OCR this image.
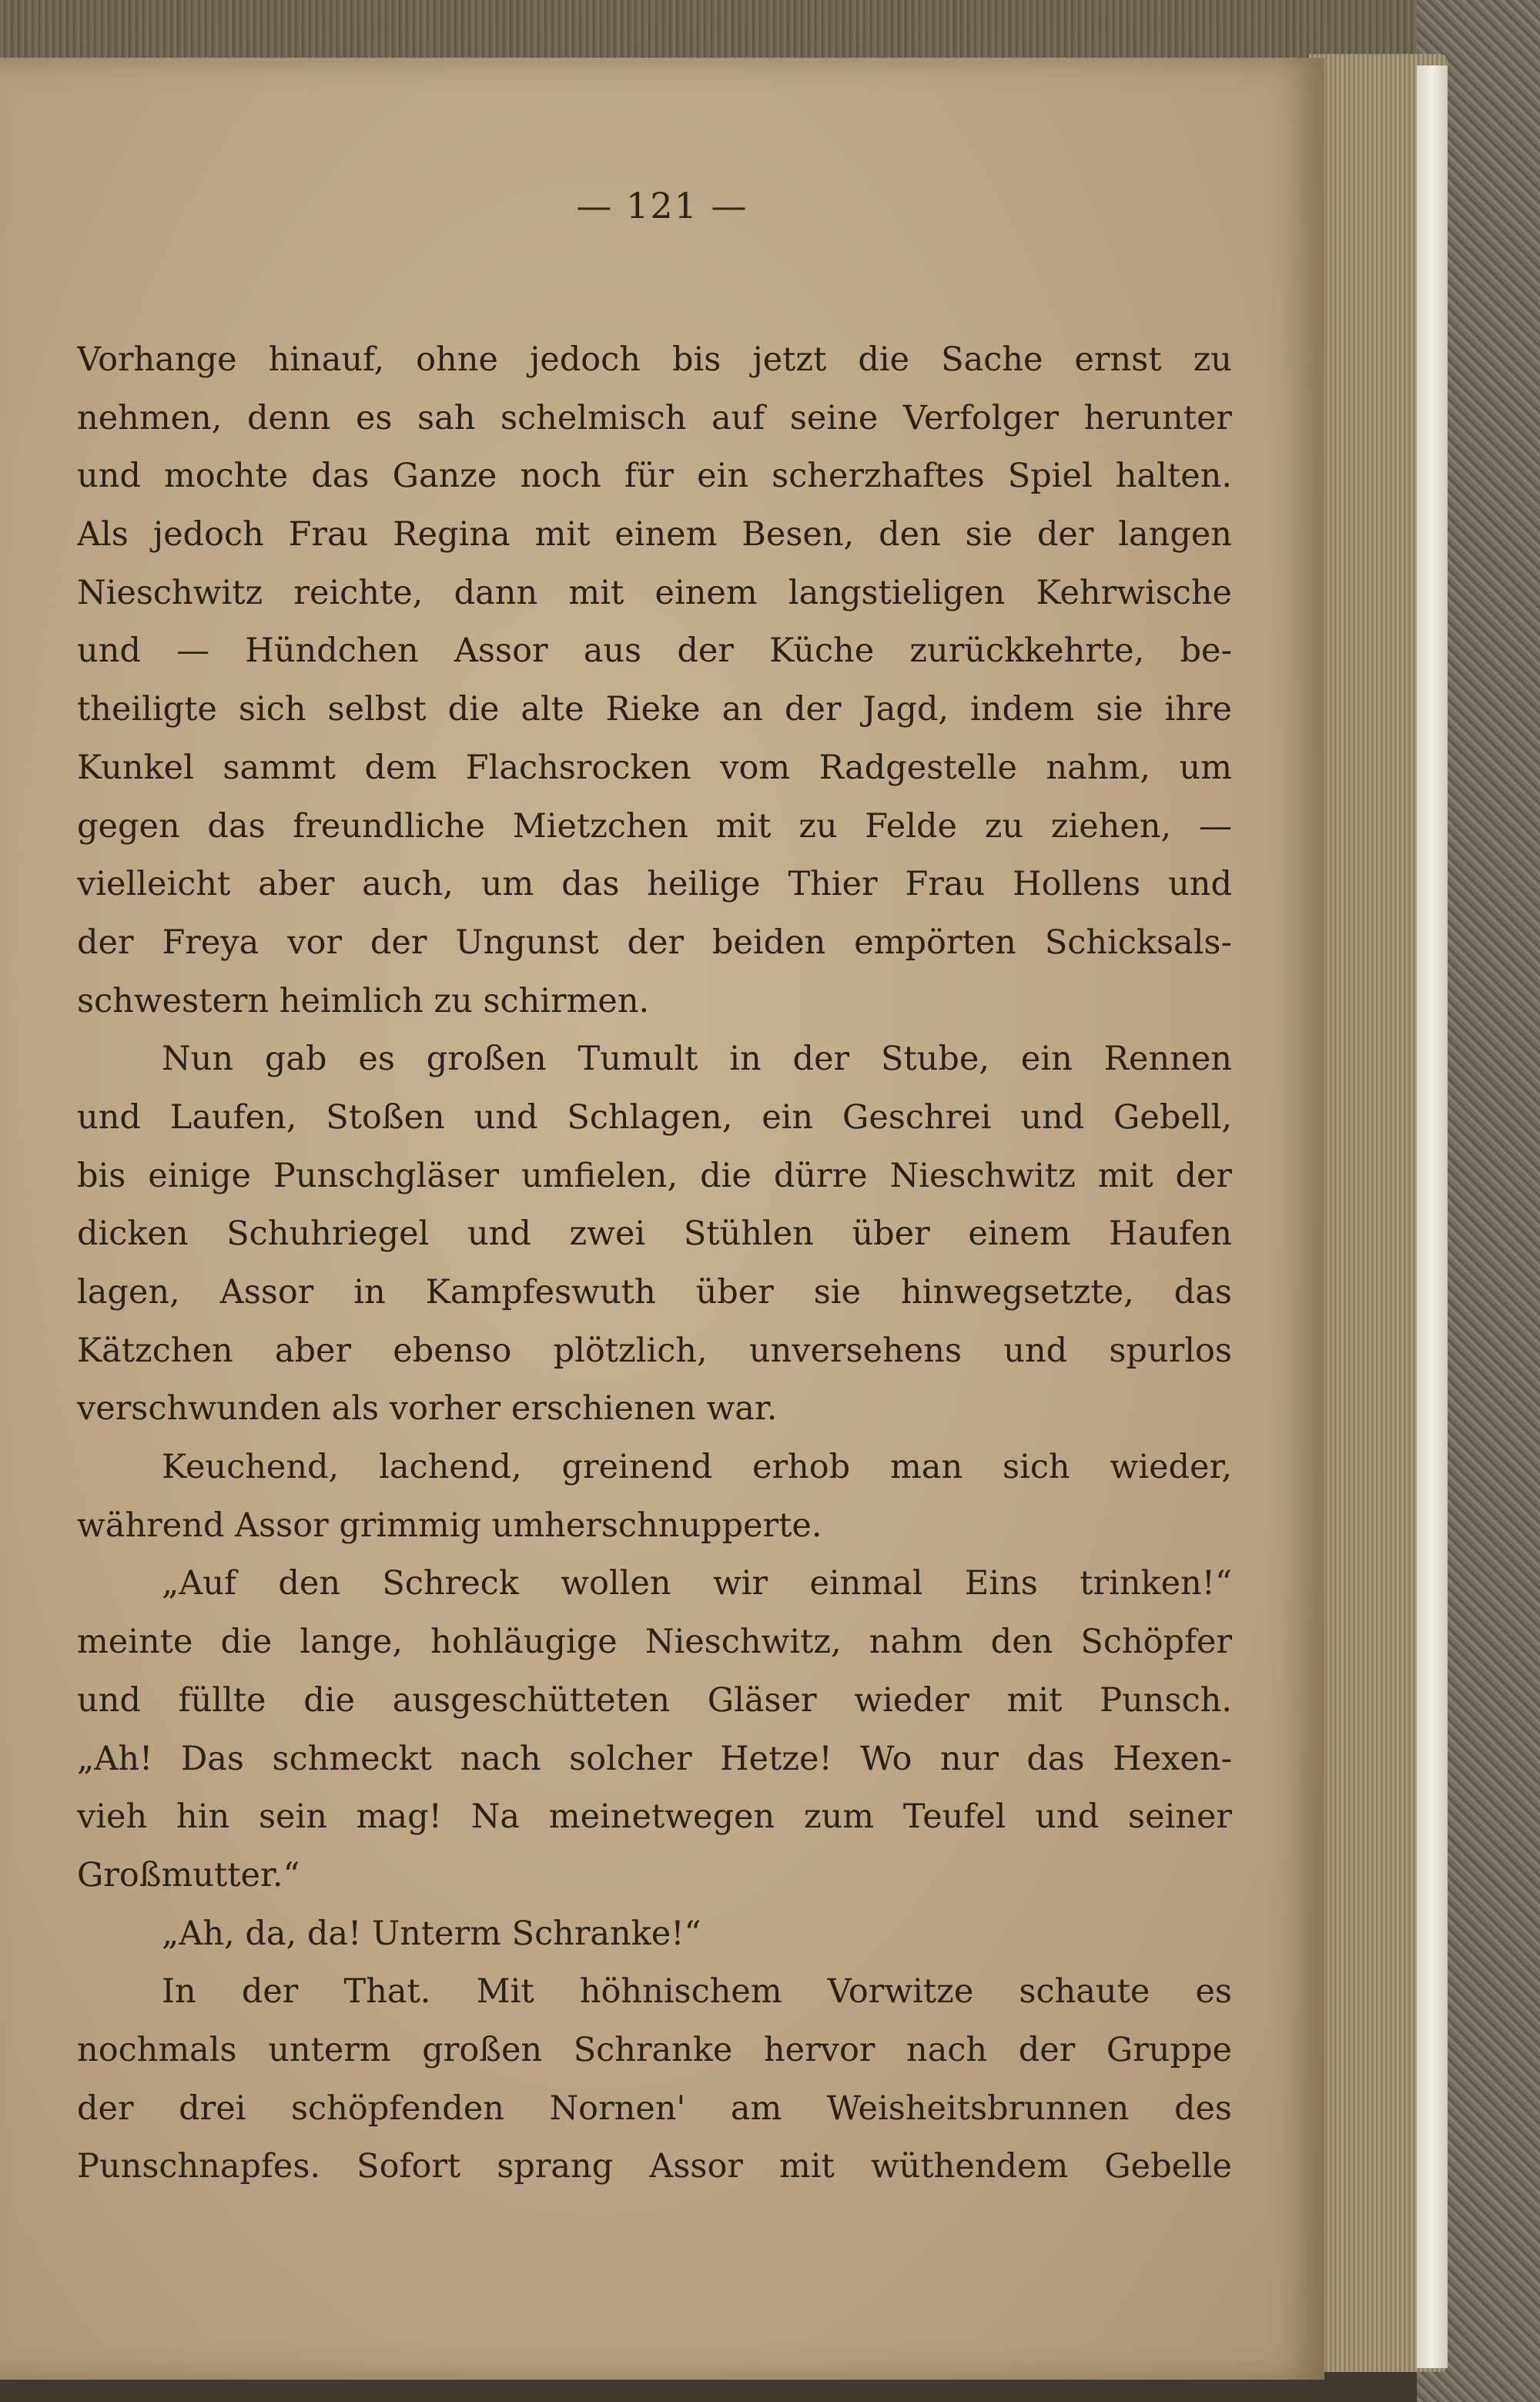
— 121 —
Vorhange hinauf, ohne jedoch bis jetzt die Sache ernst zu
nehmen, denn es sah schelmisch auf seine Verfolger herunter
und mochte das Ganze noch für ein scherzhaftes Spiel halten.
Als jedoch Frau Regina mit einem Besen, den sie der langen
Nieschwitz reichte, dann mit einem langstieligen Kehrwische
und — Hündchen Assor aus der Küche zurückkehrte, be-
theiligte sich selbst die alte Rieke an der Jagd, indem sie ihre
Kunkel sammt dem Flachsrocken vom Radgestelle nahm, um
gegen das freundliche Mietzchen mit zu Felde zu ziehen, —
vielleicht aber auch, um das heilige Thier Frau Hollens und
der Freya vor der Ungunst der beiden empörten Schicksals-
schwestern heimlich zu schirmen.
Nun gab es großen Tumult in der Stube, ein Rennen
und Laufen, Stoßen und Schlagen, ein Geschrei und Gebell,
bis einige Punschgläser umfielen, die dürre Nieschwitz mit der
dicken Schuhriegel und zwei Stühlen über einem Haufen
lagen, Assor in Kampfeswuth über sie hinwegsetzte, das
Kätzchen aber ebenso plötzlich, unversehens und spurlos
verschwunden als vorher erschienen war.
Keuchend, lachend, greinend erhob man sich wieder,
während Assor grimmig umherschnupperte.
„Auf den Schreck wollen wir einmal Eins trinken!“
meinte die lange, hohläugige Nieschwitz, nahm den Schöpfer
und füllte die ausgeschütteten Gläser wieder mit Punsch.
„Ah! Das schmeckt nach solcher Hetze! Wo nur das Hexen-
vieh hin sein mag! Na meinetwegen zum Teufel und seiner
Großmutter.“
„Ah, da, da! Unterm Schranke!“
In der That. Mit höhnischem Vorwitze schaute es
nochmals unterm großen Schranke hervor nach der Gruppe
der drei schöpfenden Nornen' am Weisheitsbrunnen des
Punschnapfes. Sofort sprang Assor mit wüthendem Gebelle
